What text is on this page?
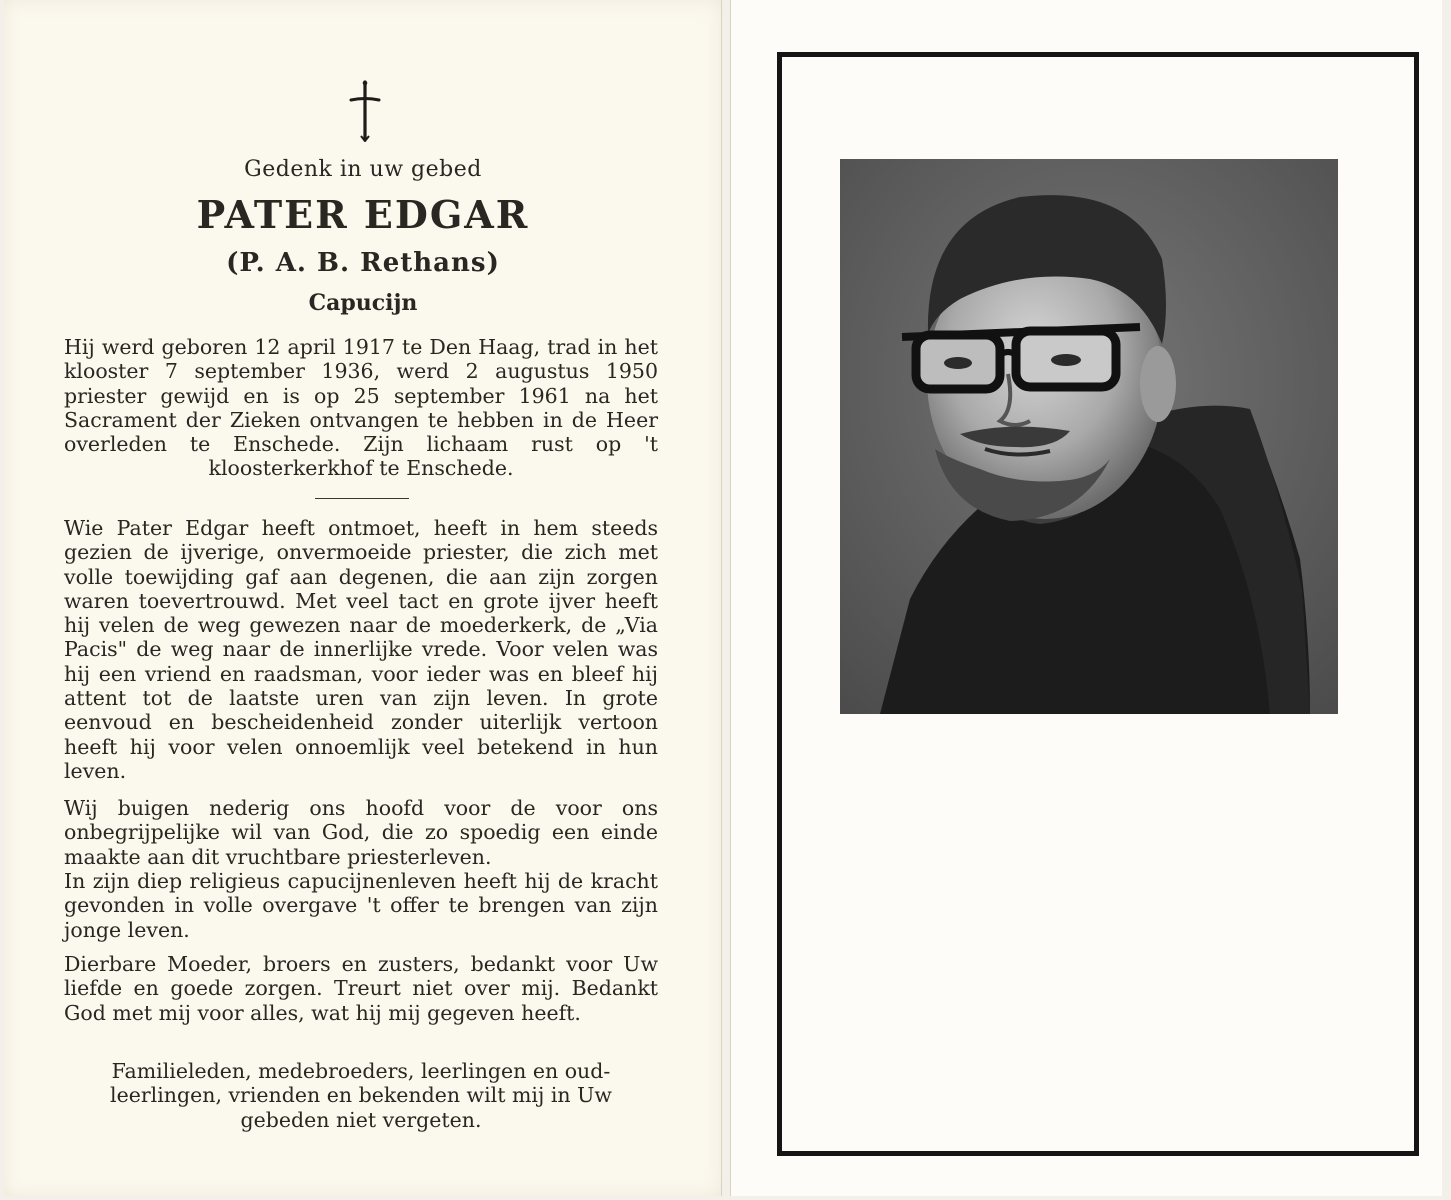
Gedenk in uw gebed
PATER EDGAR
(P. A. B. Rethans)
Capucijn
Hij werd geboren 12 april 1917 te Den Haag, trad in het klooster 7 september 1936, werd 2 augustus 1950 priester gewijd en is op 25 september 1961 na het Sacrament der Zieken ontvangen te hebben in de Heer overleden te Enschede. Zijn lichaam rust op 't kloosterkerkhof te Enschede.
Wie Pater Edgar heeft ontmoet, heeft in hem steeds gezien de ijverige, onvermoeide priester, die zich met volle toewijding gaf aan degenen, die aan zijn zorgen waren toevertrouwd. Met veel tact en grote ijver heeft hij velen de weg gewezen naar de moederkerk, de „Via Pacis" de weg naar de innerlijke vrede. Voor velen was hij een vriend en raadsman, voor ieder was en bleef hij attent tot de laatste uren van zijn leven. In grote eenvoud en bescheidenheid zonder uiterlijk vertoon heeft hij voor velen onnoemlijk veel betekend in hun leven.
Wij buigen nederig ons hoofd voor de voor ons onbegrijpelijke wil van God, die zo spoedig een einde maakte aan dit vruchtbare priesterleven.
In zijn diep religieus capucijnenleven heeft hij de kracht gevonden in volle overgave 't offer te brengen van zijn jonge leven.
Dierbare Moeder, broers en zusters, bedankt voor Uw liefde en goede zorgen. Treurt niet over mij. Bedankt God met mij voor alles, wat hij mij gegeven heeft.
Familieleden, medebroeders, leerlingen en oud-leerlingen, vrienden en bekenden wilt mij in Uw gebeden niet vergeten.
